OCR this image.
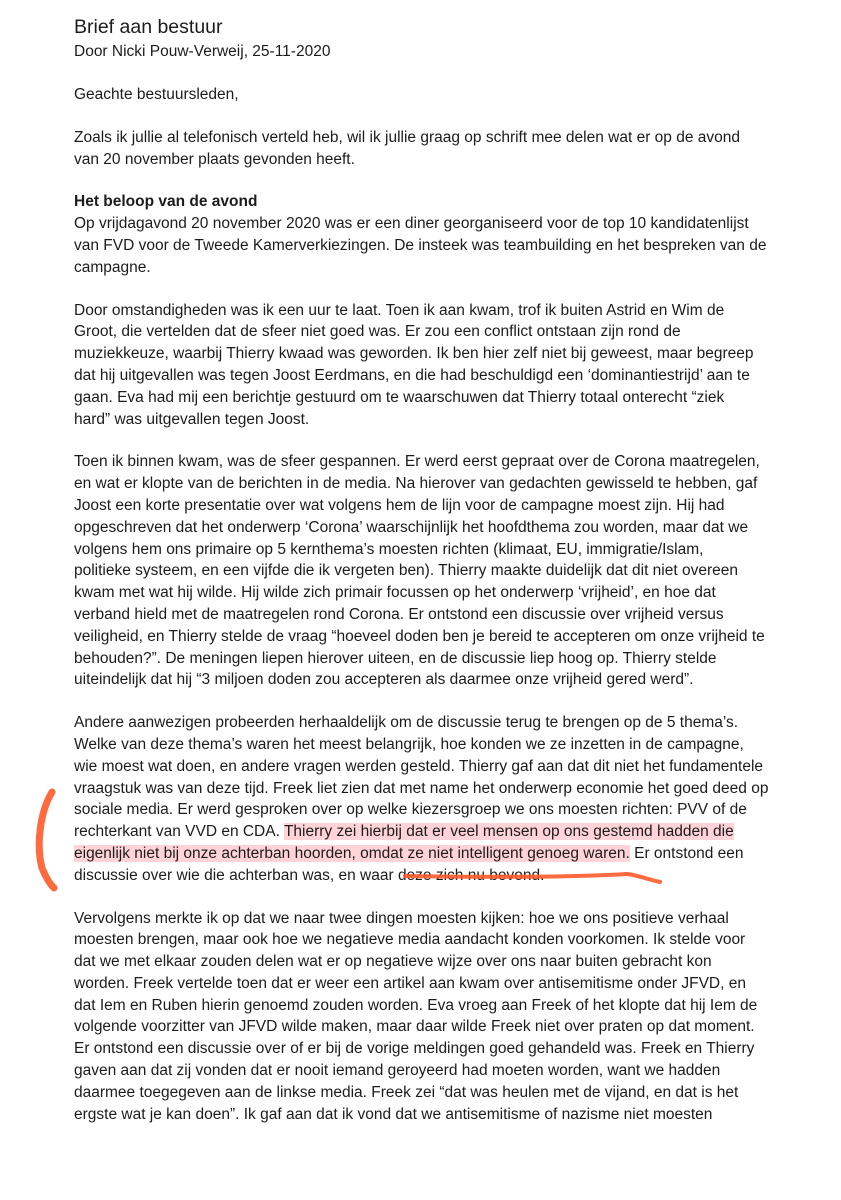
Brief aan bestuur
Door Nicki Pouw-Verweij, 25-11-2020

Geachte bestuursleden,

Zoals ik jullie al telefonisch verteld heb, wil ik jullie graag op schrift mee delen wat er op de avond
van 20 november plaats gevonden heeft.

Het beloop van de avond
Op vrijdagavond 20 november 2020 was er een diner georganiseerd voor de top 10 kandidatenlijst
van FVD voor de Tweede Kamerverkiezingen. De insteek was teambuilding en het bespreken van de
campagne.

Door omstandigheden was ik een uur te laat. Toen ik aan kwam, trof ik buiten Astrid en Wim de
Groot, die vertelden dat de sfeer niet goed was. Er zou een conflict ontstaan zijn rond de
muziekkeuze, waarbij Thierry kwaad was geworden. Ik ben hier zelf niet bij geweest, maar begreep
dat hij uitgevallen was tegen Joost Eerdmans, en die had beschuldigd een ‘dominantiestrijd’ aan te
gaan. Eva had mij een berichtje gestuurd om te waarschuwen dat Thierry totaal onterecht “ziek
hard” was uitgevallen tegen Joost.

Toen ik binnen kwam, was de sfeer gespannen. Er werd eerst gepraat over de Corona maatregelen,
en wat er klopte van de berichten in de media. Na hierover van gedachten gewisseld te hebben, gaf
Joost een korte presentatie over wat volgens hem de lijn voor de campagne moest zijn. Hij had
opgeschreven dat het onderwerp ‘Corona’ waarschijnlijk het hoofdthema zou worden, maar dat we
volgens hem ons primaire op 5 kernthema’s moesten richten (klimaat, EU, immigratie/Islam,
politieke systeem, en een vijfde die ik vergeten ben). Thierry maakte duidelijk dat dit niet overeen
kwam met wat hij wilde. Hij wilde zich primair focussen op het onderwerp ‘vrijheid’, en hoe dat
verband hield met de maatregelen rond Corona. Er ontstond een discussie over vrijheid versus
veiligheid, en Thierry stelde de vraag “hoeveel doden ben je bereid te accepteren om onze vrijheid te
behouden?”. De meningen liepen hierover uiteen, en de discussie liep hoog op. Thierry stelde
uiteindelijk dat hij “3 miljoen doden zou accepteren als daarmee onze vrijheid gered werd”.

Andere aanwezigen probeerden herhaaldelijk om de discussie terug te brengen op de 5 thema’s.
Welke van deze thema’s waren het meest belangrijk, hoe konden we ze inzetten in de campagne,
wie moest wat doen, en andere vragen werden gesteld. Thierry gaf aan dat dit niet het fundamentele
vraagstuk was van deze tijd. Freek liet zien dat met name het onderwerp economie het goed deed op
sociale media. Er werd gesproken over op welke kiezersgroep we ons moesten richten: PVV of de
rechterkant van VVD en CDA. Thierry zei hierbij dat er veel mensen op ons gestemd hadden die
eigenlijk niet bij onze achterban hoorden, omdat ze niet intelligent genoeg waren. Er ontstond een
discussie over wie die achterban was, en waar deze zich nu bevond.

Vervolgens merkte ik op dat we naar twee dingen moesten kijken: hoe we ons positieve verhaal
moesten brengen, maar ook hoe we negatieve media aandacht konden voorkomen. Ik stelde voor
dat we met elkaar zouden delen wat er op negatieve wijze over ons naar buiten gebracht kon
worden. Freek vertelde toen dat er weer een artikel aan kwam over antisemitisme onder JFVD, en
dat Iem en Ruben hierin genoemd zouden worden. Eva vroeg aan Freek of het klopte dat hij Iem de
volgende voorzitter van JFVD wilde maken, maar daar wilde Freek niet over praten op dat moment.
Er ontstond een discussie over of er bij de vorige meldingen goed gehandeld was. Freek en Thierry
gaven aan dat zij vonden dat er nooit iemand geroyeerd had moeten worden, want we hadden
daarmee toegegeven aan de linkse media. Freek zei “dat was heulen met de vijand, en dat is het
ergste wat je kan doen”. Ik gaf aan dat ik vond dat we antisemitisme of nazisme niet moesten
